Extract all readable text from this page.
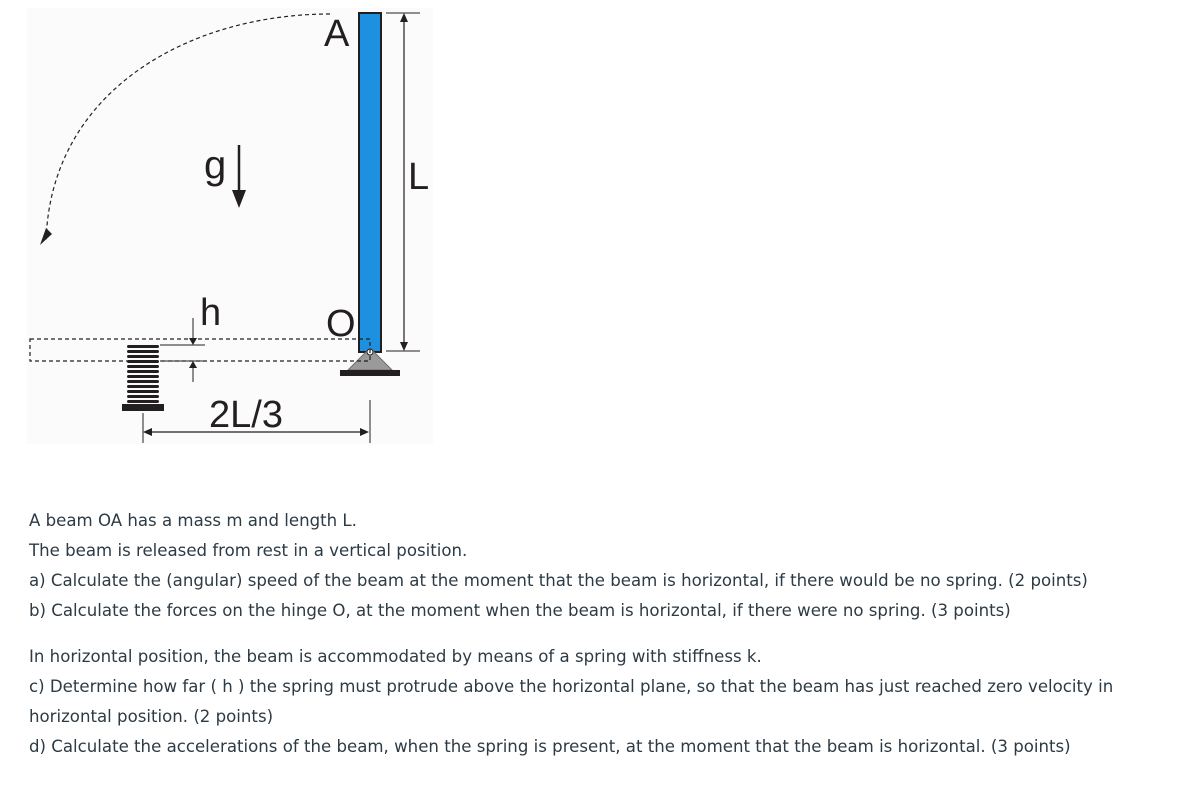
g
A
O
L
h
2L/3

A beam OA has a mass m and length L.

The beam is released from rest in a vertical position.

a) Calculate the (angular) speed of the beam at the moment that the beam is horizontal, if there would be no spring. (2 points)

b) Calculate the forces on the hinge O, at the moment when the beam is horizontal, if there were no spring. (3 points)

In horizontal position, the beam is accommodated by means of a spring with stiffness k.

c) Determine how far ( h ) the spring must protrude above the horizontal plane, so that the beam has just reached zero velocity in horizontal position. (2 points)

d) Calculate the accelerations of the beam, when the spring is present, at the moment that the beam is horizontal. (3 points)
